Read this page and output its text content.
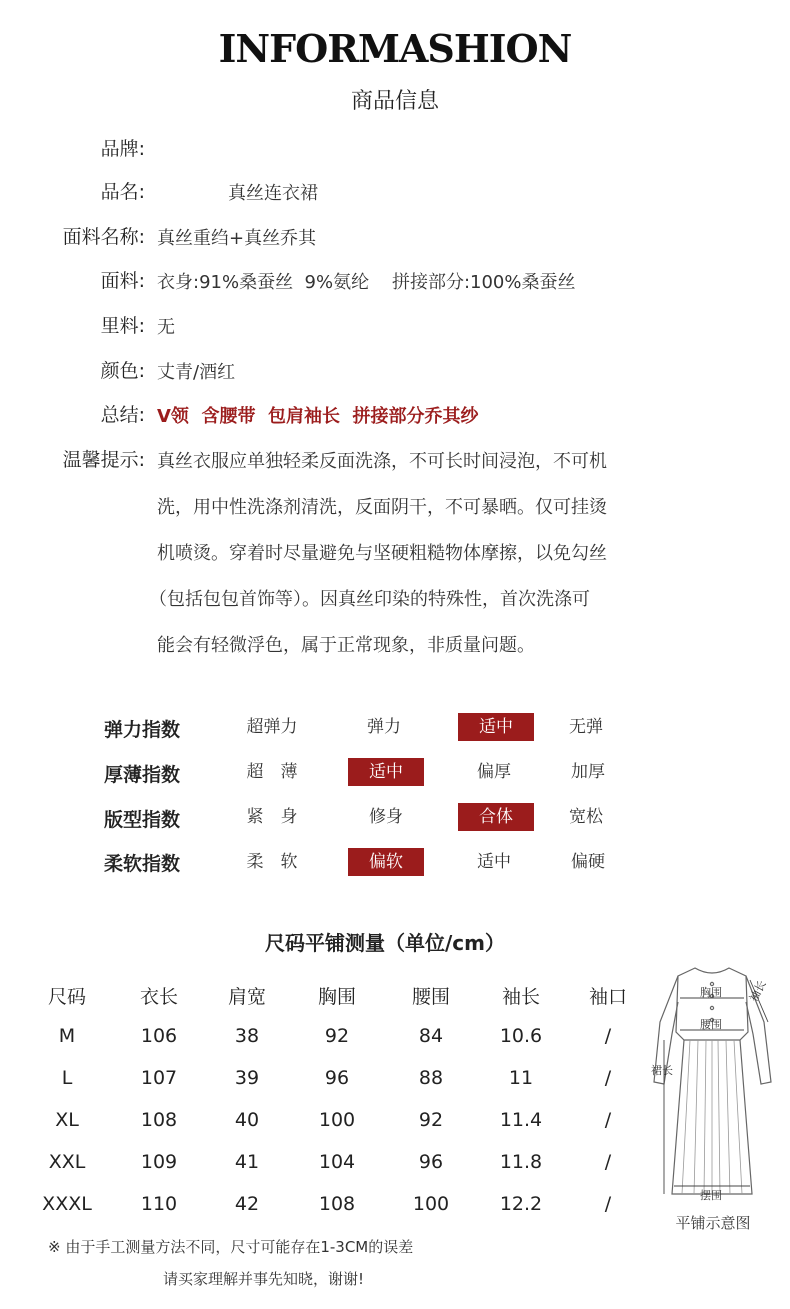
INFORMASHION
商品信息
品牌:
品名:	真丝连衣裙
面料名称: 真丝重绉+真丝乔其
面料: 衣身:91%桑蚕丝  9%氨纶    拼接部分:100%桑蚕丝
里料: 无
颜色: 丈青/酒红
总结: V领  含腰带  包肩袖长  拼接部分乔其纱
温馨提示: 真丝衣服应单独轻柔反面洗涤，不可长时间浸泡，不可机

洗，用中性洗涤剂清洗，反面阴干，不可暴晒。仅可挂烫

机喷烫。穿着时尽量避免与坚硬粗糙物体摩擦，以免勾丝

（包括包包首饰等）。因真丝印染的特殊性，首次洗涤可

能会有轻微浮色，属于正常现象，非质量问题。

弹力指数	超弹力	弹力	适中	无弹
厚薄指数	超　薄	适中	偏厚	加厚
版型指数	紧　身	修身	合体	宽松
柔软指数	柔　软	偏软	适中	偏硬
尺码平铺测量（单位/cm）
尺码	衣长	肩宽	胸围	腰围	袖长	袖口
M	106	38	92	84	10.6	/
L	107	39	96	88	11	/
XL	108	40	100	92	11.4	/
XXL	109	41	104	96	11.8	/
XXXL	110	42	108	100	12.2	/
胸围
腰围
袖长
裙长
摆围
平铺示意图
※ 由于手工测量方法不同，尺寸可能存在1-3CM的误差
请买家理解并事先知晓，谢谢!
